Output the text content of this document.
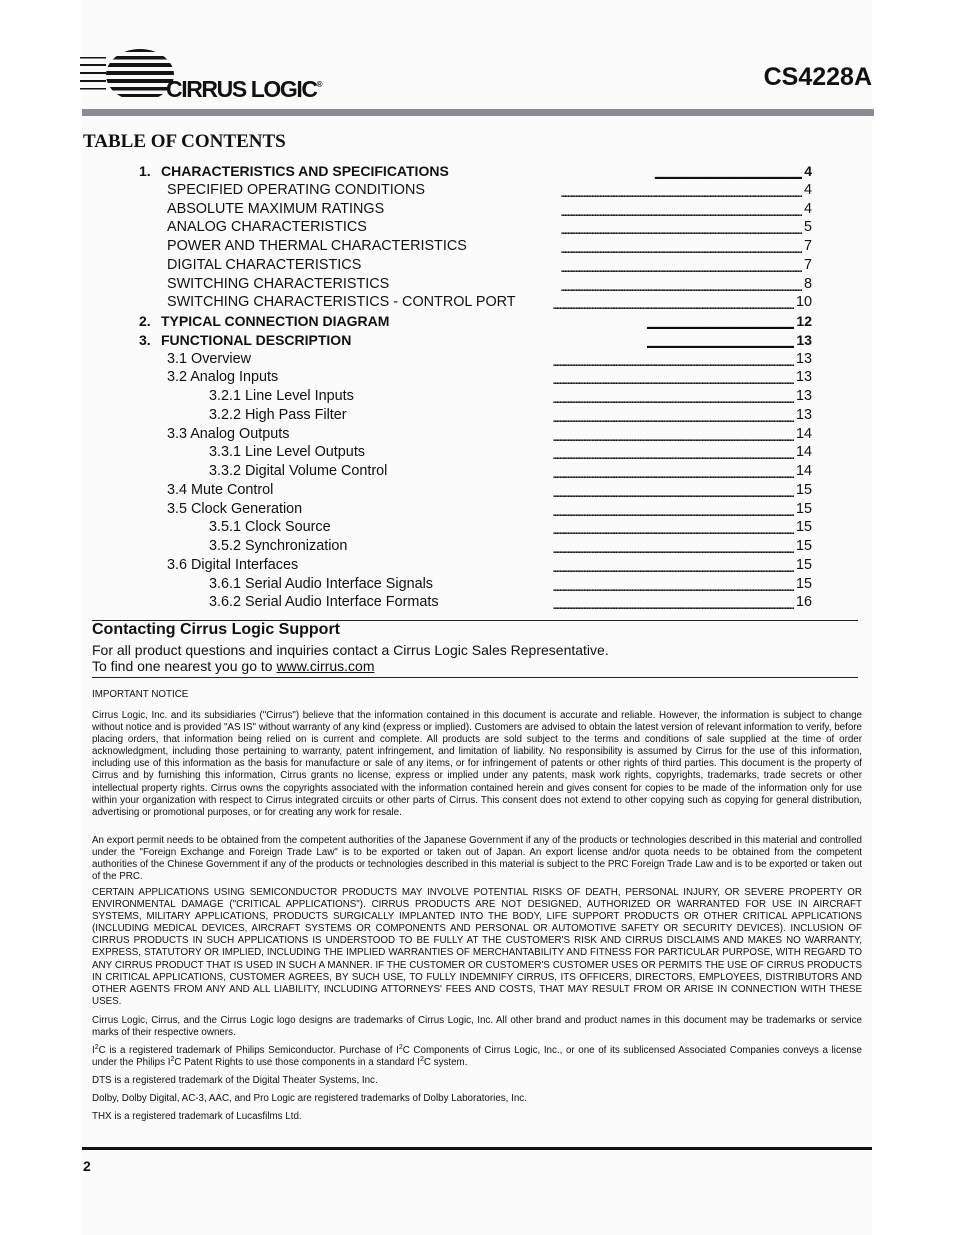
CIRRUS LOGIC®	CS4228A
TABLE OF CONTENTS
1. CHARACTERISTICS AND SPECIFICATIONS . . .	4
SPECIFIED OPERATING CONDITIONS . . .	4
ABSOLUTE MAXIMUM RATINGS . . .	4
ANALOG CHARACTERISTICS . . .	5
POWER AND THERMAL CHARACTERISTICS . . .	7
DIGITAL CHARACTERISTICS . . .	7
SWITCHING CHARACTERISTICS . . .	8
SWITCHING CHARACTERISTICS - CONTROL PORT . . .	10
2. TYPICAL CONNECTION DIAGRAM . . .	12
3. FUNCTIONAL DESCRIPTION . . .	13
3.1 Overview . . .	13
3.2 Analog Inputs . . .	13
3.2.1 Line Level Inputs . . .	13
3.2.2 High Pass Filter . . .	13
3.3 Analog Outputs . . .	14
3.3.1 Line Level Outputs . . .	14
3.3.2 Digital Volume Control . . .	14
3.4 Mute Control . . .	15
3.5 Clock Generation . . .	15
3.5.1 Clock Source . . .	15
3.5.2 Synchronization . . .	15
3.6 Digital Interfaces . . .	15
3.6.1 Serial Audio Interface Signals . . .	15
3.6.2 Serial Audio Interface Formats . . .	16
Contacting Cirrus Logic Support
For all product questions and inquiries contact a Cirrus Logic Sales Representative.
To find one nearest you go to www.cirrus.com

IMPORTANT NOTICE

Cirrus Logic, Inc. and its subsidiaries ("Cirrus") believe that the information contained in this document is accurate and reliable. However, the information is subject to change without notice and is provided "AS IS" without warranty of any kind (express or implied). Customers are advised to obtain the latest version of relevant information to verify, before placing orders, that information being relied on is current and complete. All products are sold subject to the terms and conditions of sale supplied at the time of order acknowledgment, including those pertaining to warranty, patent infringement, and limitation of liability. No responsibility is assumed by Cirrus for the use of this information, including use of this information as the basis for manufacture or sale of any items, or for infringement of patents or other rights of third parties. This document is the property of Cirrus and by furnishing this information, Cirrus grants no license, express or implied under any patents, mask work rights, copyrights, trademarks, trade secrets or other intellectual property rights. Cirrus owns the copyrights associated with the information contained herein and gives consent for copies to be made of the information only for use within your organization with respect to Cirrus integrated circuits or other parts of Cirrus. This consent does not extend to other copying such as copying for general distribution, advertising or promotional purposes, or for creating any work for resale.

An export permit needs to be obtained from the competent authorities of the Japanese Government if any of the products or technologies described in this material and controlled under the "Foreign Exchange and Foreign Trade Law" is to be exported or taken out of Japan. An export license and/or quota needs to be obtained from the competent authorities of the Chinese Government if any of the products or technologies described in this material is subject to the PRC Foreign Trade Law and is to be exported or taken out of the PRC.

CERTAIN APPLICATIONS USING SEMICONDUCTOR PRODUCTS MAY INVOLVE POTENTIAL RISKS OF DEATH, PERSONAL INJURY, OR SEVERE PROPERTY OR ENVIRONMENTAL DAMAGE ("CRITICAL APPLICATIONS"). CIRRUS PRODUCTS ARE NOT DESIGNED, AUTHORIZED OR WARRANTED FOR USE IN AIRCRAFT SYSTEMS, MILITARY APPLICATIONS, PRODUCTS SURGICALLY IMPLANTED INTO THE BODY, LIFE SUPPORT PRODUCTS OR OTHER CRITICAL APPLICATIONS (INCLUDING MEDICAL DEVICES, AIRCRAFT SYSTEMS OR COMPONENTS AND PERSONAL OR AUTOMOTIVE SAFETY OR SECURITY DEVICES). INCLUSION OF CIRRUS PRODUCTS IN SUCH APPLICATIONS IS UNDERSTOOD TO BE FULLY AT THE CUSTOMER'S RISK AND CIRRUS DISCLAIMS AND MAKES NO WARRANTY, EXPRESS, STATUTORY OR IMPLIED, INCLUDING THE IMPLIED WARRANTIES OF MERCHANTABILITY AND FITNESS FOR PARTICULAR PURPOSE, WITH REGARD TO ANY CIRRUS PRODUCT THAT IS USED IN SUCH A MANNER. IF THE CUSTOMER OR CUSTOMER'S CUSTOMER USES OR PERMITS THE USE OF CIRRUS PRODUCTS IN CRITICAL APPLICATIONS, CUSTOMER AGREES, BY SUCH USE, TO FULLY INDEMNIFY CIRRUS, ITS OFFICERS, DIRECTORS, EMPLOYEES, DISTRIBUTORS AND OTHER AGENTS FROM ANY AND ALL LIABILITY, INCLUDING ATTORNEYS' FEES AND COSTS, THAT MAY RESULT FROM OR ARISE IN CONNECTION WITH THESE USES.

Cirrus Logic, Cirrus, and the Cirrus Logic logo designs are trademarks of Cirrus Logic, Inc. All other brand and product names in this document may be trademarks or service marks of their respective owners.

$I^2C$ is a registered trademark of Philips Semiconductor. Purchase of $I^2C$ Components of Cirrus Logic, Inc., or one of its sublicensed Associated Companies conveys a license under the Philips $I^2C$ Patent Rights to use those components in a standard $I^2C$ system.

DTS is a registered trademark of the Digital Theater Systems, Inc.

Dolby, Dolby Digital, AC-3, AAC, and Pro Logic are registered trademarks of Dolby Laboratories, Inc.

THX is a registered trademark of Lucasfilms Ltd.

2
